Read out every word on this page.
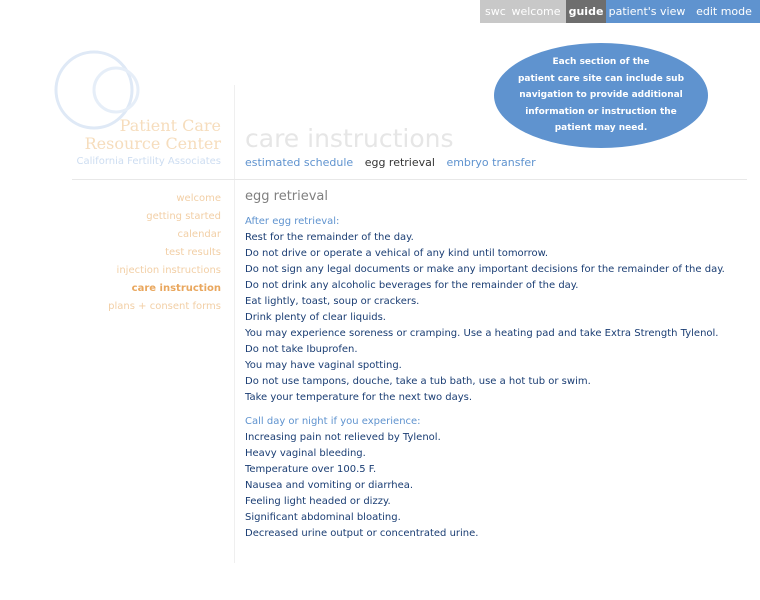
swc welcome guide patient's view edit mode
Patient Care
Resource Center
California Fertility Associates
Each section of the
patient care site can include sub
navigation to provide additional
information or instruction the
patient may need.
care instructions
estimated schedule egg retrieval embryo transfer
welcome
getting started
calendar
test results
injection instructions
care instruction
plans + consent forms
egg retrieval
After egg retrieval:
Rest for the remainder of the day.
Do not drive or operate a vehical of any kind until tomorrow.
Do not sign any legal documents or make any important decisions for the remainder of the day.
Do not drink any alcoholic beverages for the remainder of the day.
Eat lightly, toast, soup or crackers.
Drink plenty of clear liquids.
You may experience soreness or cramping. Use a heating pad and take Extra Strength Tylenol.
Do not take Ibuprofen.
You may have vaginal spotting.
Do not use tampons, douche, take a tub bath, use a hot tub or swim.
Take your temperature for the next two days.
Call day or night if you experience:
Increasing pain not relieved by Tylenol.
Heavy vaginal bleeding.
Temperature over 100.5 F.
Nausea and vomiting or diarrhea.
Feeling light headed or dizzy.
Significant abdominal bloating.
Decreased urine output or concentrated urine.
